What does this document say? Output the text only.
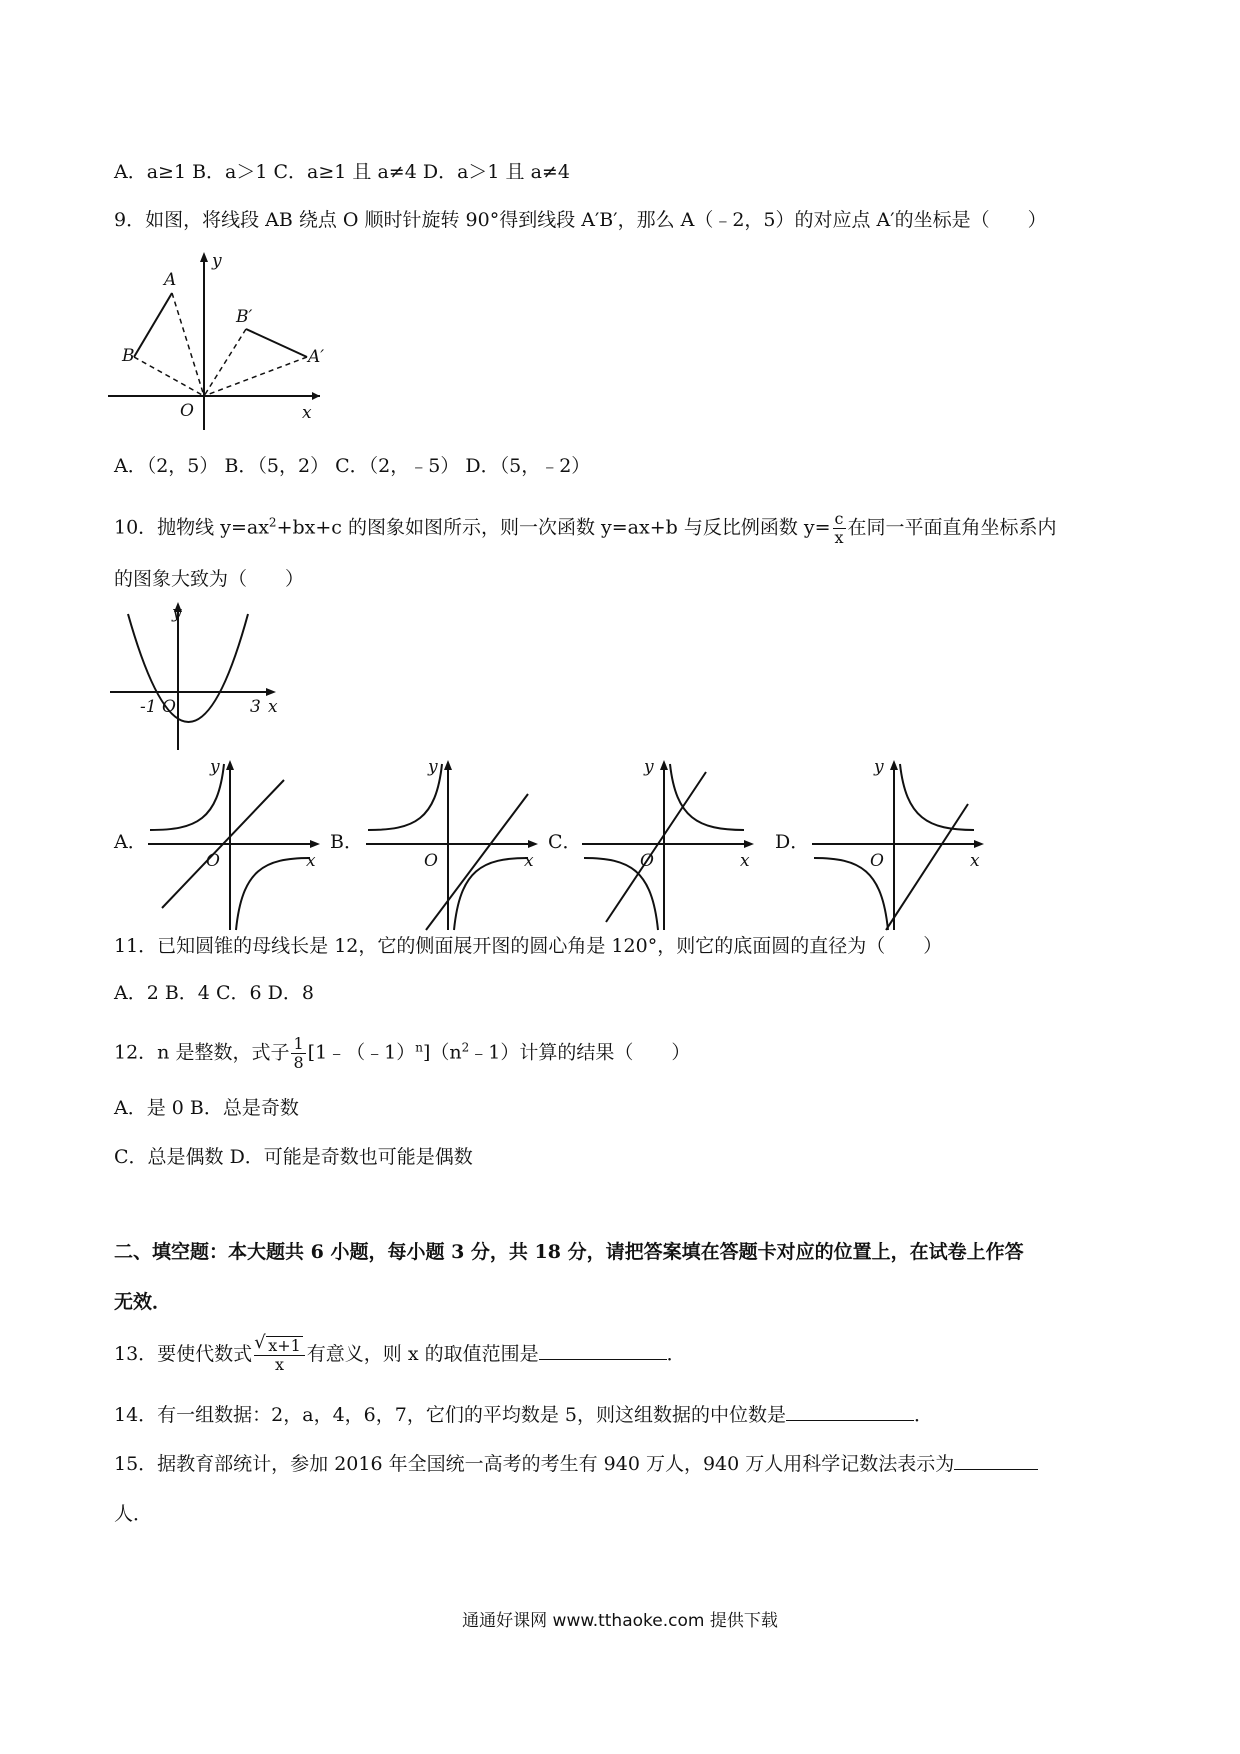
A．a≥1 B．a＞1 C．a≥1 且 a≠4 D．a＞1 且 a≠4
9．如图，将线段 AB 绕点 O 顺时针旋转 90°得到线段 A′B′，那么 A（﹣2，5）的对应点 A′的坐标是（　　）
A
B
B′
A′
O	x
y
A．（2，5） B．（5，2） C．（2，﹣5） D．（5，﹣2）
10．抛物线 $y=ax^2+bx+c$ 的图象如图所示，则一次函数 y=ax+b 与反比例函数 $y= \frac{c}{x}$ 在同一平面直角坐标系内
的图象大致为（　　）
y
-1 O	3 x
A．
y
O	x
B．
y
O	x
C．
y
O	x
D．
y
O	x
11．已知圆锥的母线长是 12，它的侧面展开图的圆心角是 120°，则它的底面圆的直径为（　　）
A．2 B．4 C．6 D．8
12．n 是整数，式子 $\frac{1}{8}$ $[1﹣(﹣1)^n](n^2﹣1)$计算的结果（　　）
A．是 0 B．总是奇数
C．总是偶数 D．可能是奇数也可能是偶数
二、填空题：本大题共 6 小题，每小题 3 分，共 18 分，请把答案填在答题卡对应的位置上，在试卷上作答
无效．
13．要使代数式
√ $\frac{x+1}{x}$ 有意义，则 x 的取值范围是	．
14．有一组数据：2，a，4，6，7，它们的平均数是 5，则这组数据的中位数是	．
15．据教育部统计，参加 2016 年全国统一高考的考生有 940 万人，940 万人用科学记数法表示为
人．
通通好课网 www.tthaoke.com 提供下载
